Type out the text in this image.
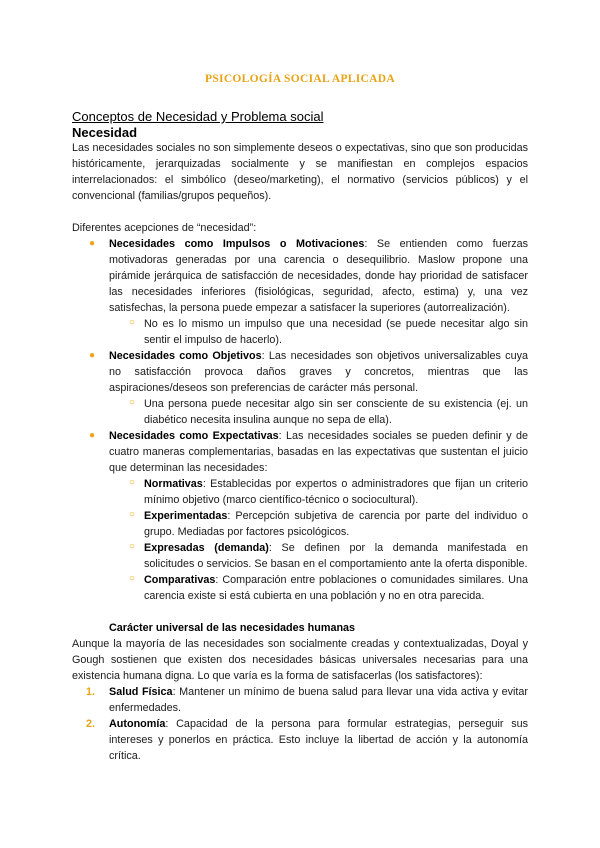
PSICOLOGÍA SOCIAL APLICADA
Conceptos de Necesidad y Problema social
Necesidad

Las necesidades sociales no son simplemente deseos o expectativas, sino que son producidas históricamente, jerarquizadas socialmente y se manifiestan en complejos espacios interrelacionados: el simbólico (deseo/marketing), el normativo (servicios públicos) y el convencional (familias/grupos pequeños).

Diferentes acepciones de “necesidad”:

● Necesidades como Impulsos o Motivaciones: Se entienden como fuerzas motivadoras generadas por una carencia o desequilibrio. Maslow propone una pirámide jerárquica de satisfacción de necesidades, donde hay prioridad de satisfacer las necesidades inferiores (fisiológicas, seguridad, afecto, estima) y, una vez satisfechas, la persona puede empezar a satisfacer la superiores (autorrealización).
○ No es lo mismo un impulso que una necesidad (se puede necesitar algo sin sentir el impulso de hacerlo).
● Necesidades como Objetivos: Las necesidades son objetivos universalizables cuya no satisfacción provoca daños graves y concretos, mientras que las aspiraciones/deseos son preferencias de carácter más personal.
○ Una persona puede necesitar algo sin ser consciente de su existencia (ej. un diabético necesita insulina aunque no sepa de ella).
● Necesidades como Expectativas: Las necesidades sociales se pueden definir y de cuatro maneras complementarias, basadas en las expectativas que sustentan el juicio que determinan las necesidades:
○ Normativas: Establecidas por expertos o administradores que fijan un criterio mínimo objetivo (marco científico-técnico o sociocultural).
○ Experimentadas: Percepción subjetiva de carencia por parte del individuo o grupo. Mediadas por factores psicológicos.
○ Expresadas (demanda): Se definen por la demanda manifestada en solicitudes o servicios. Se basan en el comportamiento ante la oferta disponible.
○ Comparativas: Comparación entre poblaciones o comunidades similares. Una carencia existe si está cubierta en una población y no en otra parecida.

Carácter universal de las necesidades humanas

Aunque la mayoría de las necesidades son socialmente creadas y contextualizadas, Doyal y Gough sostienen que existen dos necesidades básicas universales necesarias para una existencia humana digna. Lo que varía es la forma de satisfacerlas (los satisfactores):

1. Salud Física: Mantener un mínimo de buena salud para llevar una vida activa y evitar enfermedades.
2. Autonomía: Capacidad de la persona para formular estrategias, perseguir sus intereses y ponerlos en práctica. Esto incluye la libertad de acción y la autonomía crítica.
